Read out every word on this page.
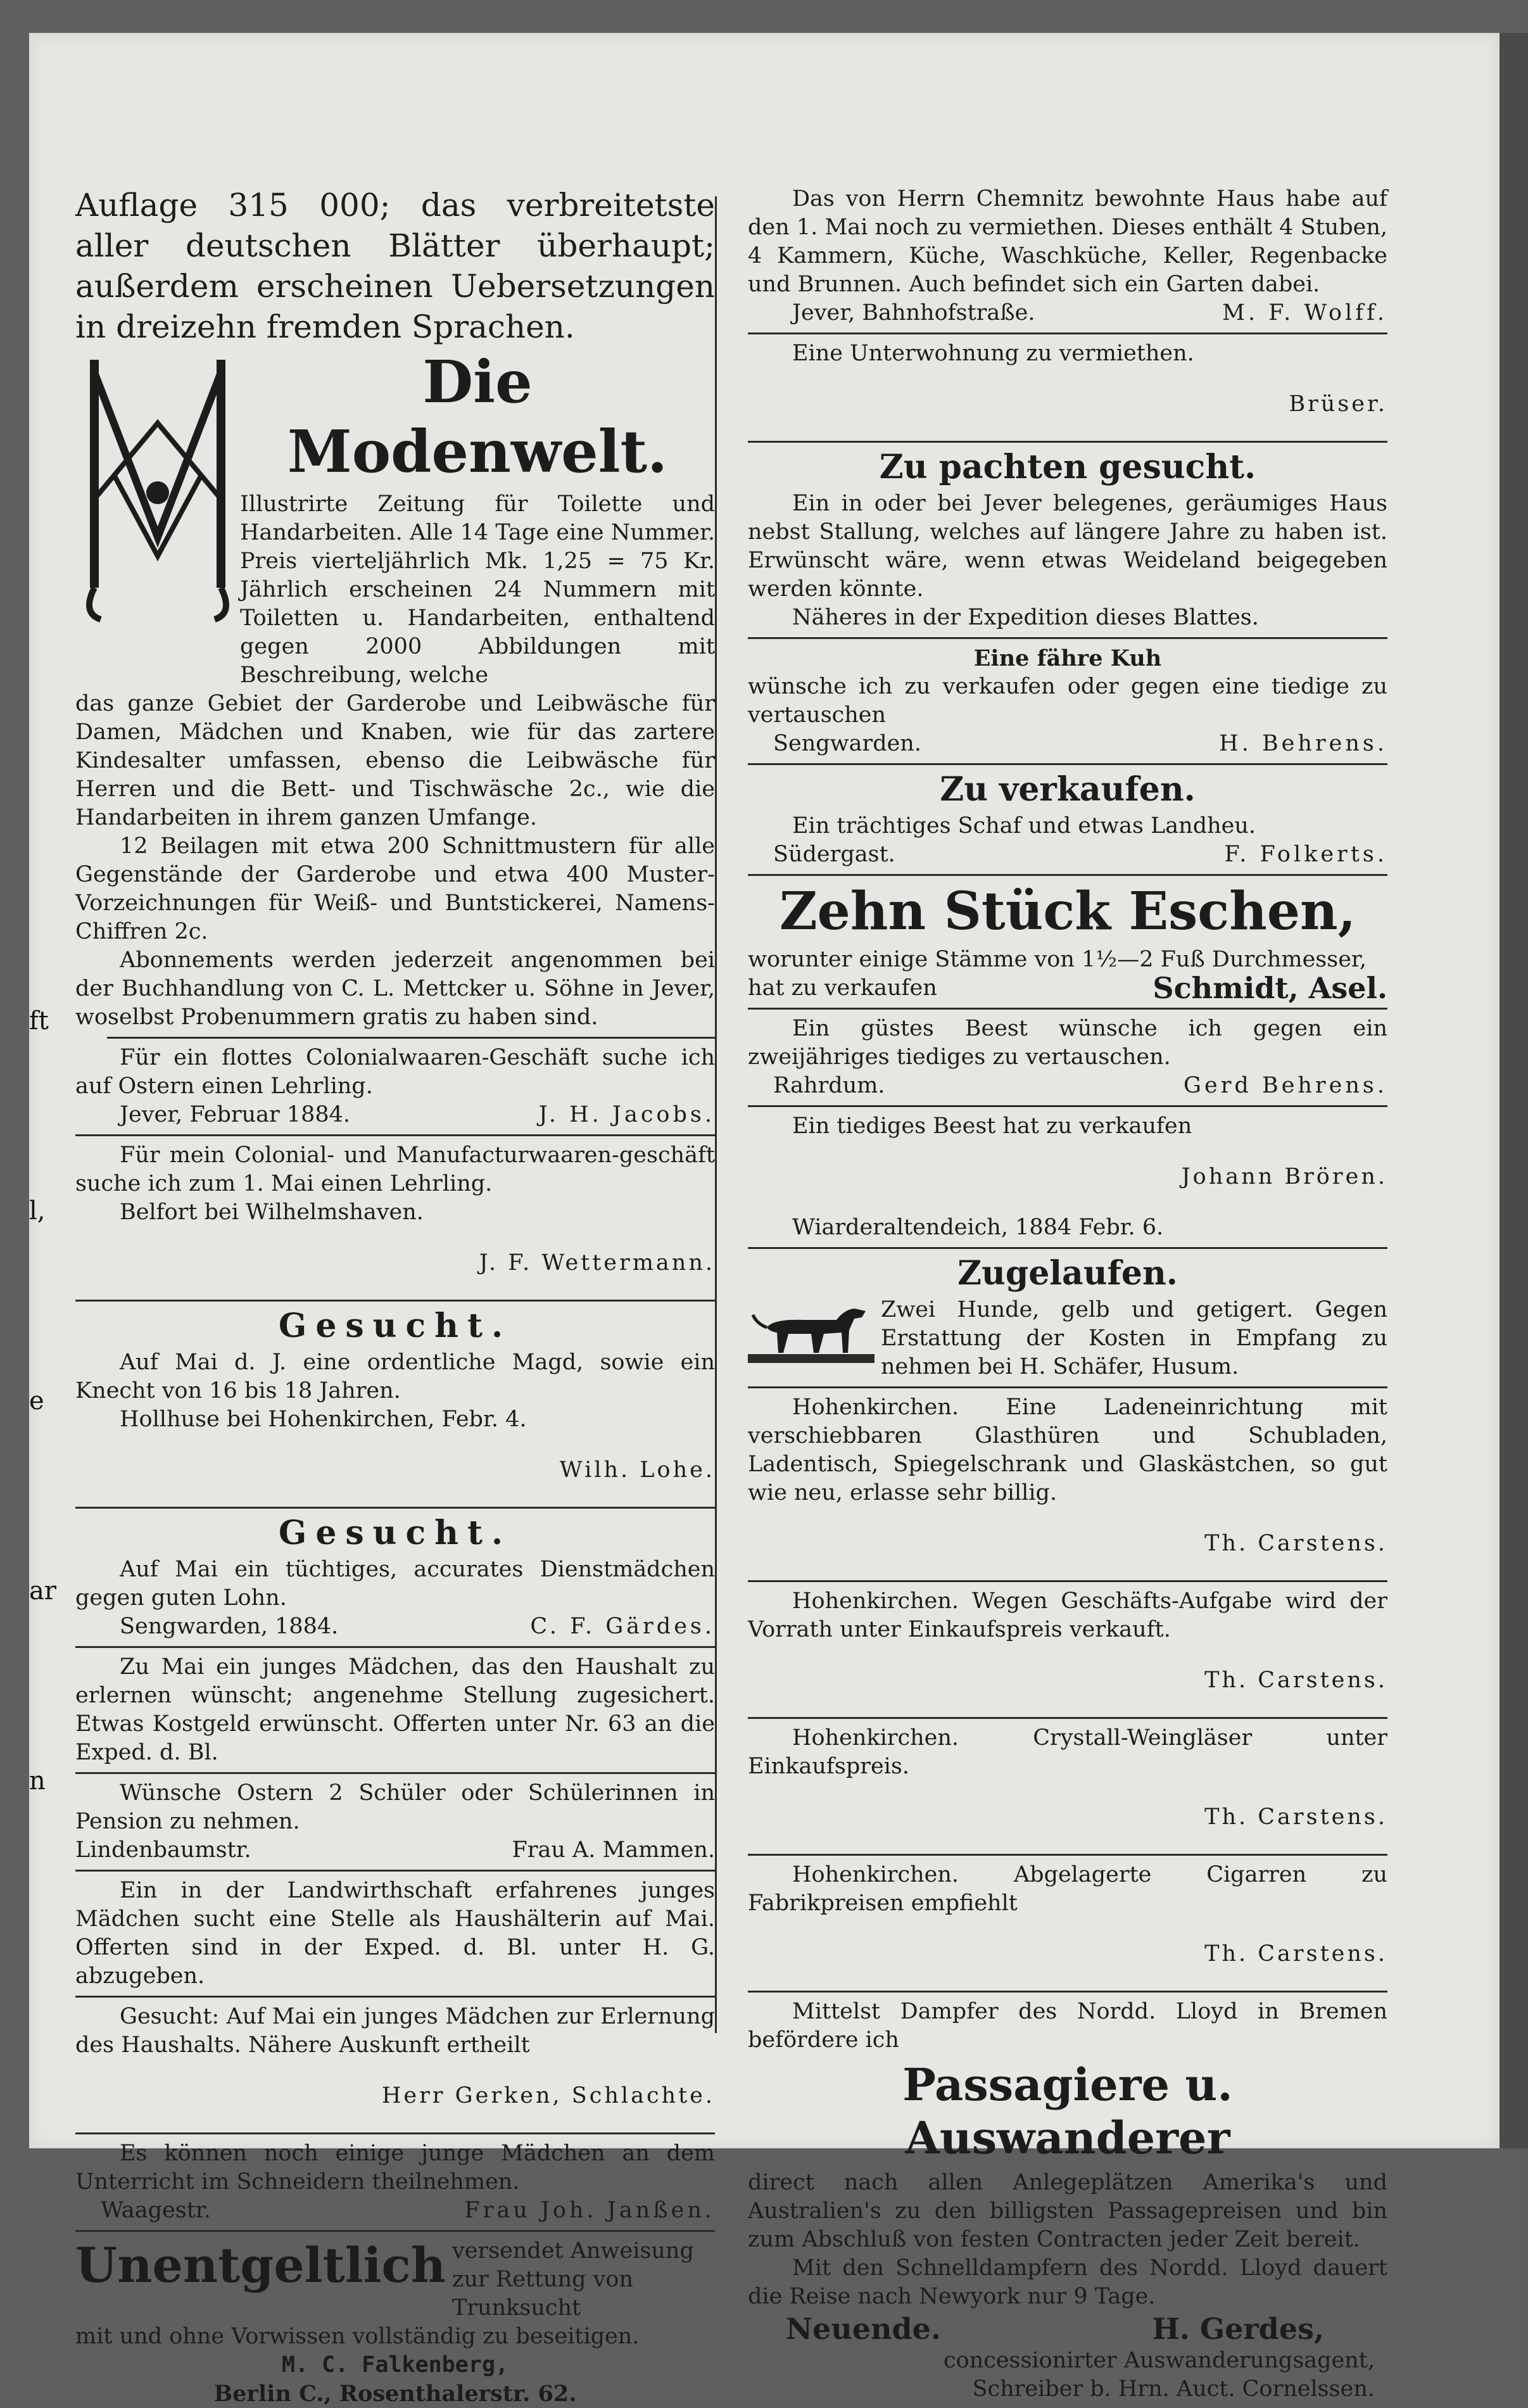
ft
l,
e
ar
n

Auflage 315 000; das verbreitetste aller deutschen Blätter überhaupt; außerdem erscheinen Uebersetzungen in dreizehn fremden Sprachen.

Die Modenwelt.

Illustrirte Zeitung für Toilette und Handarbeiten. Alle 14 Tage eine Nummer. Preis vierteljährlich Mk. 1,25 = 75 Kr. Jährlich erscheinen 24 Nummern mit Toiletten u. Handarbeiten, enthaltend gegen 2000 Abbildungen mit Beschreibung, welche

das ganze Gebiet der Garderobe und Leibwäsche für Damen, Mädchen und Knaben, wie für das zartere Kindesalter umfassen, ebenso die Leibwäsche für Herren und die Bett- und Tischwäsche 2c., wie die Handarbeiten in ihrem ganzen Umfange.

12 Beilagen mit etwa 200 Schnittmustern für alle Gegenstände der Garderobe und etwa 400 Muster-Vorzeichnungen für Weiß- und Buntstickerei, Namens-Chiffren 2c.

Abonnements werden jederzeit angenommen bei der Buchhandlung von C. L. Mettcker u. Söhne in Jever, woselbst Probenummern gratis zu haben sind.

Für ein flottes Colonialwaaren-Geschäft suche ich auf Ostern einen Lehrling.

Jever, Februar 1884.	J. H. Jacobs.

Für mein Colonial- und Manufacturwaaren-geschäft suche ich zum 1. Mai einen Lehrling.

Belfort bei Wilhelmshaven.

J. F. Wettermann.

Gesucht.

Auf Mai d. J. eine ordentliche Magd, sowie ein Knecht von 16 bis 18 Jahren.

Hollhuse bei Hohenkirchen, Febr. 4.

Wilh. Lohe.

Gesucht.

Auf Mai ein tüchtiges, accurates Dienstmädchen gegen guten Lohn.

Sengwarden, 1884.	C. F. Gärdes.

Zu Mai ein junges Mädchen, das den Haushalt zu erlernen wünscht; angenehme Stellung zugesichert. Etwas Kostgeld erwünscht. Offerten unter Nr. 63 an die Exped. d. Bl.

Wünsche Ostern 2 Schüler oder Schülerinnen in Pension zu nehmen.

Lindenbaumstr.	Frau A. Mammen.

Ein in der Landwirthschaft erfahrenes junges Mädchen sucht eine Stelle als Haushälterin auf Mai. Offerten sind in der Exped. d. Bl. unter H. G. abzugeben.

Gesucht: Auf Mai ein junges Mädchen zur Erlernung des Haushalts. Nähere Auskunft ertheilt

Herr Gerken, Schlachte.

Es können noch einige junge Mädchen an dem Unterricht im Schneidern theilnehmen.

Waagestr.	Frau Joh. Janßen.
Unentgeltlich versendet Anweisung zur Rettung von Trunksucht

mit und ohne Vorwissen vollständig zu beseitigen.

M. C. Falkenberg,

Berlin C., Rosenthalerstr. 62.

Das von Herrn Chemnitz bewohnte Haus habe auf den 1. Mai noch zu vermiethen. Dieses enthält 4 Stuben, 4 Kammern, Küche, Waschküche, Keller, Regenbacke und Brunnen. Auch befindet sich ein Garten dabei.

Jever, Bahnhofstraße.	M. F. Wolff.

Eine Unterwohnung zu vermiethen.

Brüser.

Zu pachten gesucht.

Ein in oder bei Jever belegenes, geräumiges Haus nebst Stallung, welches auf längere Jahre zu haben ist. Erwünscht wäre, wenn etwas Weideland beigegeben werden könnte.

Näheres in der Expedition dieses Blattes.

Eine fähre Kuh

wünsche ich zu verkaufen oder gegen eine tiedige zu vertauschen

Sengwarden.	H. Behrens.

Zu verkaufen.

Ein trächtiges Schaf und etwas Landheu.

Südergast.	F. Folkerts.

Zehn Stück Eschen,

worunter einige Stämme von 1½—2 Fuß Durchmesser,

hat zu verkaufen	Schmidt, Asel.

Ein güstes Beest wünsche ich gegen ein zweijähriges tiediges zu vertauschen.

Rahrdum.	Gerd Behrens.

Ein tiediges Beest hat zu verkaufen

Johann Brören.

Wiarderaltendeich, 1884 Febr. 6.

Zugelaufen.

Zwei Hunde, gelb und getigert. Gegen Erstattung der Kosten in Empfang zu nehmen bei H. Schäfer, Husum.

Hohenkirchen. Eine Ladeneinrichtung mit verschiebbaren Glasthüren und Schubladen, Ladentisch, Spiegelschrank und Glaskästchen, so gut wie neu, erlasse sehr billig.

Th. Carstens.

Hohenkirchen. Wegen Geschäfts-Aufgabe wird der Vorrath unter Einkaufspreis verkauft.

Th. Carstens.

Hohenkirchen. Crystall-Weingläser unter Einkaufspreis.

Th. Carstens.

Hohenkirchen. Abgelagerte Cigarren zu Fabrikpreisen empfiehlt

Th. Carstens.

Mittelst Dampfer des Nordd. Lloyd in Bremen befördere ich

Passagiere u. Auswanderer

direct nach allen Anlegeplätzen Amerika's und Australien's zu den billigsten Passagepreisen und bin zum Abschluß von festen Contracten jeder Zeit bereit.

Mit den Schnelldampfern des Nordd. Lloyd dauert die Reise nach Newyork nur 9 Tage.

Neuende.	H. Gerdes,

concessionirter Auswanderungsagent,

Schreiber b. Hrn. Auct. Cornelssen.
